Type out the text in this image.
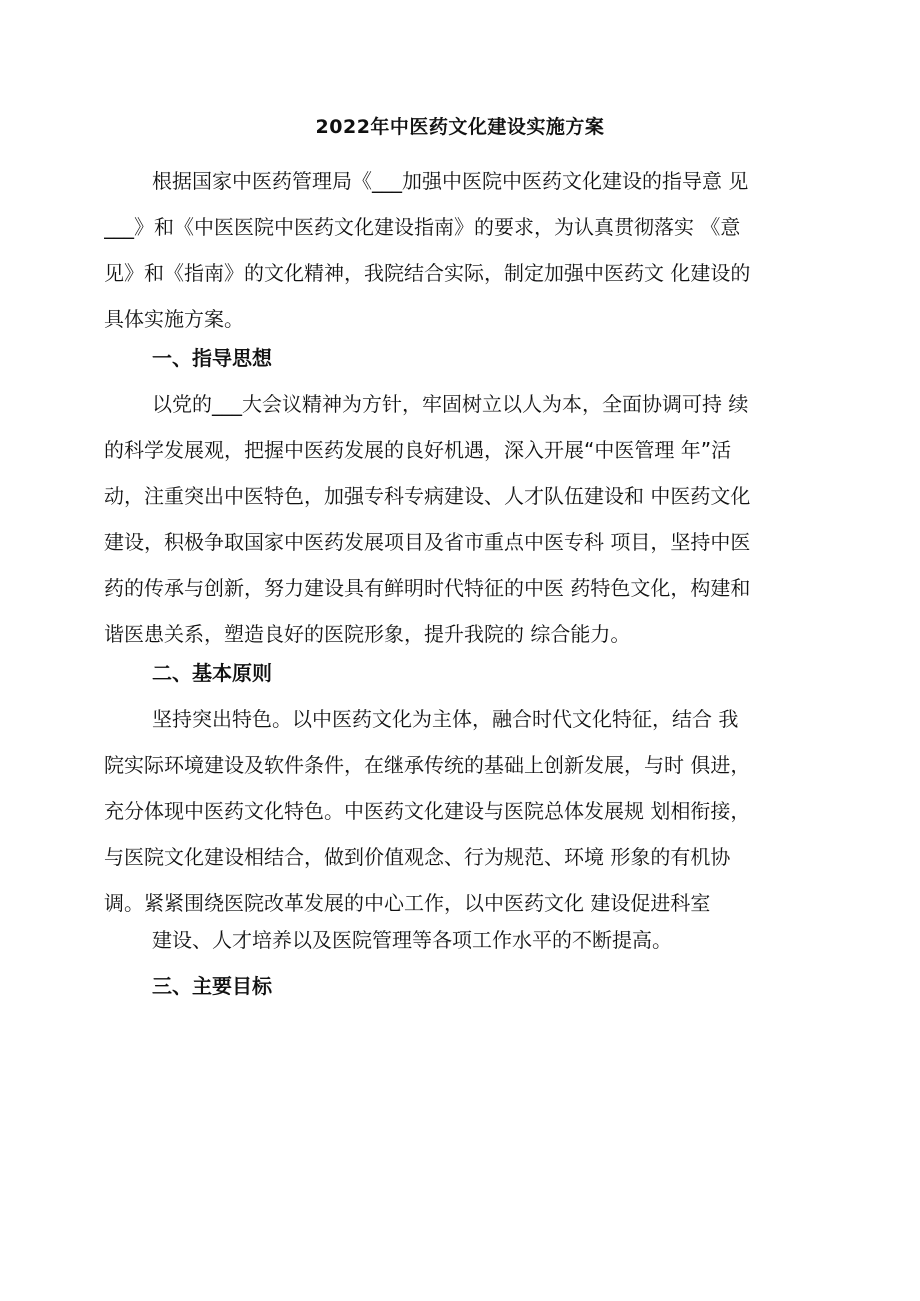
2022年中医药文化建设实施方案
根据国家中医药管理局《___加强中医院中医药文化建设的指导意 见
___》和《中医医院中医药文化建设指南》的要求，为认真贯彻落实 《意
见》和《指南》的文化精神，我院结合实际，制定加强中医药文 化建设的
具体实施方案。
一、指导思想
以党的___大会议精神为方针，牢固树立以人为本，全面协调可持 续
的科学发展观，把握中医药发展的良好机遇，深入开展“中医管理 年”活
动，注重突出中医特色，加强专科专病建设、人才队伍建设和 中医药文化
建设，积极争取国家中医药发展项目及省市重点中医专科 项目，坚持中医
药的传承与创新，努力建设具有鲜明时代特征的中医 药特色文化，构建和
谐医患关系，塑造良好的医院形象，提升我院的 综合能力。
二、基本原则
坚持突出特色。以中医药文化为主体，融合时代文化特征，结合 我
院实际环境建设及软件条件，在继承传统的基础上创新发展，与时 俱进，
充分体现中医药文化特色。中医药文化建设与医院总体发展规 划相衔接，
与医院文化建设相结合，做到价值观念、行为规范、环境 形象的有机协
调。紧紧围绕医院改革发展的中心工作，以中医药文化 建设促进科室
建设、人才培养以及医院管理等各项工作水平的不断提高。
三、主要目标
